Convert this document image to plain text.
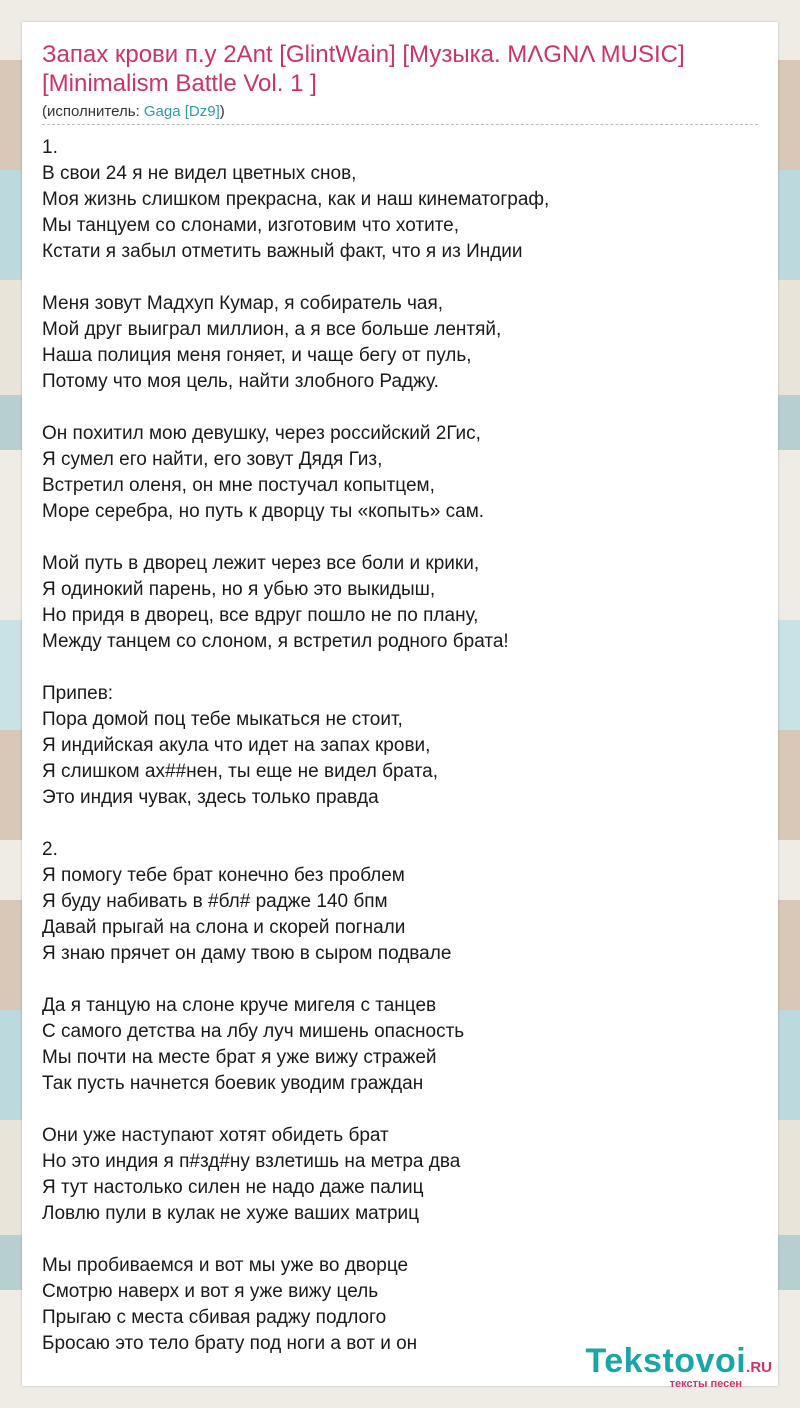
Запах крови п.у 2Ant [GlintWain] [Музыка. MΛGNΛ MUSIC] [Minimalism Battle Vol. 1 ]
(исполнитель: Gaga [Dz9])
1.
В свои 24 я не видел цветных снов,
Моя жизнь слишком прекрасна, как и наш кинематограф,
Мы танцуем со слонами, изготовим что хотите,
Кстати я забыл отметить важный факт, что я из Индии
Меня зовут Мадхуп Кумар, я собиратель чая,
Мой друг выиграл миллион, а я все больше лентяй,
Наша полиция меня гоняет, и чаще бегу от пуль,
Потому что моя цель, найти злобного Раджу.
Он похитил мою девушку, через российский 2Гис,
Я сумел его найти, его зовут Дядя Гиз,
Встретил оленя, он мне постучал копытцем,
Море серебра, но путь к дворцу ты «копыть» сам.
Мой путь в дворец лежит через все боли и крики,
Я одинокий парень, но я убью это выкидыш,
Но придя в дворец, все вдруг пошло не по плану,
Между танцем со слоном, я встретил родного брата!
Припев:
Пора домой поц тебе мыкаться не стоит,
Я индийская акула что идет на запах крови,
Я слишком ах##нен, ты еще не видел брата,
Это индия чувак, здесь только правда
2.
Я помогу тебе брат конечно без проблем
Я буду набивать в #бл# радже 140 бпм
Давай прыгай на слона и скорей погнали
Я знаю прячет он даму твою в сыром подвале
Да я танцую на слоне круче мигеля с танцев
С самого детства на лбу луч мишень опасность
Мы почти на месте брат я уже вижу стражей
Так пусть начнется боевик уводим граждан
Они уже наступают хотят обидеть брат
Но это индия я п#зд#ну взлетишь на метра два
Я тут настолько силен не надо даже палиц
Ловлю пули в кулак не хуже ваших матриц
Мы пробиваемся и вот мы уже во дворце
Смотрю наверх и вот я уже вижу цель
Прыгаю с места сбивая раджу подлого
Бросаю это тело брату под ноги а вот и он	Tekstovoi.RU
тексты песен
